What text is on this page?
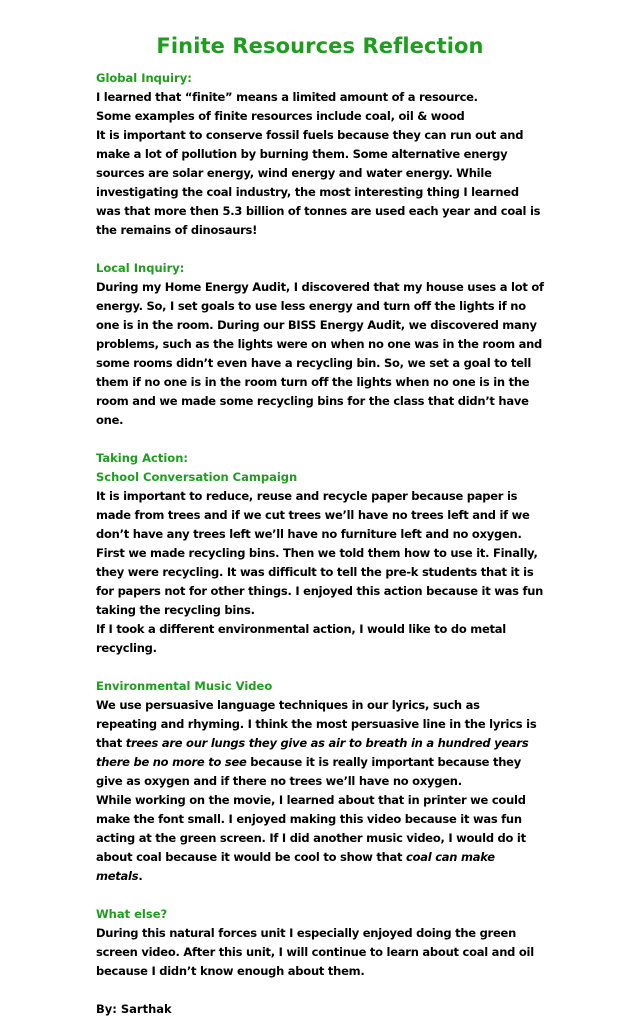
Finite Resources Reflection
Global Inquiry:

I learned that “finite” means a limited amount of a resource.

Some examples of finite resources include coal, oil & wood

It is important to conserve fossil fuels because they can run out and make a lot of pollution by burning them. Some alternative energy sources are solar energy, wind energy and water energy. While investigating the coal industry, the most interesting thing I learned was that more then 5.3 billion of tonnes are used each year and coal is the remains of dinosaurs!

Local Inquiry:

During my Home Energy Audit, I discovered that my house uses a lot of energy. So, I set goals to use less energy and turn off the lights if no one is in the room. During our BISS Energy Audit, we discovered many problems, such as the lights were on when no one was in the room and some rooms didn’t even have a recycling bin. So, we set a goal to tell them if no one is in the room turn off the lights when no one is in the room and we made some recycling bins for the class that didn’t have one.

Taking Action:
School Conversation Campaign

It is important to reduce, reuse and recycle paper because paper is made from trees and if we cut trees we’ll have no trees left and if we don’t have any trees left we’ll have no furniture left and no oxygen. First we made recycling bins. Then we told them how to use it. Finally, they were recycling. It was difficult to tell the pre-k students that it is for papers not for other things. I enjoyed this action because it was fun taking the recycling bins.

If I took a different environmental action, I would like to do metal recycling.

Environmental Music Video

We use persuasive language techniques in our lyrics, such as repeating and rhyming. I think the most persuasive line in the lyrics is that trees are our lungs they give as air to breath in a hundred years there be no more to see because it is really important because they give as oxygen and if there no trees we’ll have no oxygen.

While working on the movie, I learned about that in printer we could make the font small. I enjoyed making this video because it was fun acting at the green screen. If I did another music video, I would do it about coal because it would be cool to show that coal can make metals.

What else?

During this natural forces unit I especially enjoyed doing the green screen video. After this unit, I will continue to learn about coal and oil because I didn’t know enough about them.

By: Sarthak
